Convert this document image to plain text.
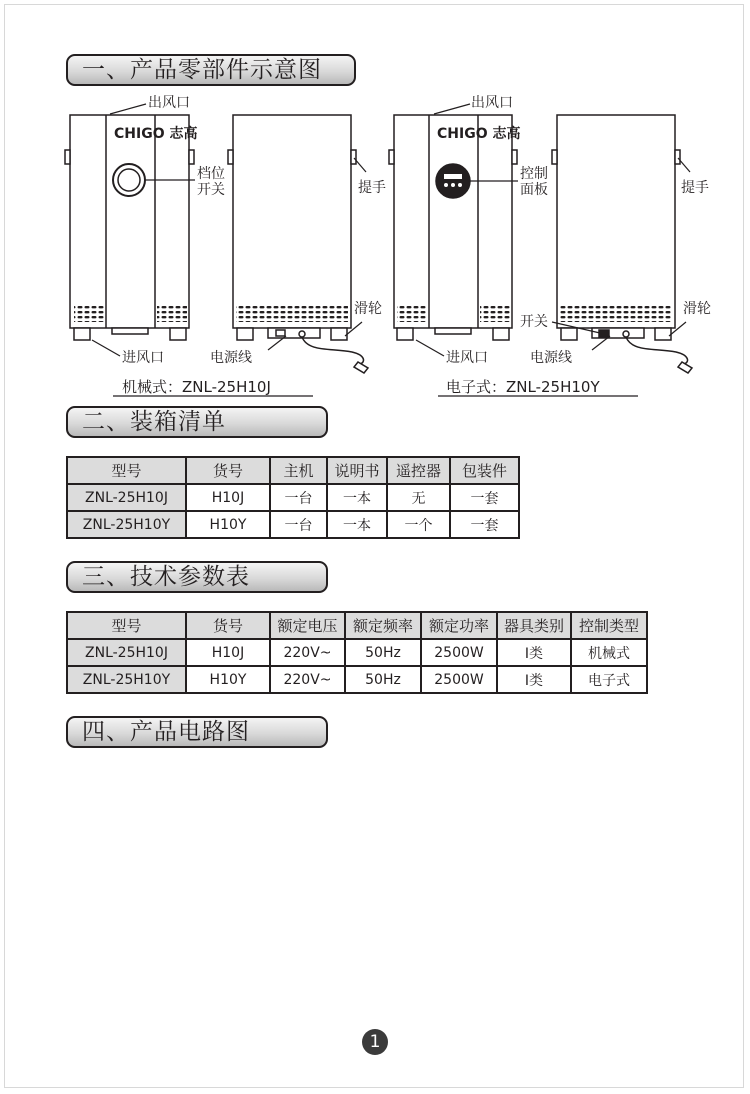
一、产品零部件示意图
二、装箱清单
三、技术参数表
四、产品电路图
CHIGO 志高	CHIGO 志高
出风口
档位
开关	提手
滑轮
进风口	电源线
机械式：ZNL-25H10J
出风口
控制
面板	提手
滑轮
开关
进风口	电源线
电子式：ZNL-25H10Y
型号	货号	主机	说明书	遥控器	包装件
ZNL-25H10J	H10J	一台	一本	无	一套
ZNL-25H10Y	H10Y	一台	一本	一个	一套
型号	货号	额定电压	额定频率	额定功率	器具类别	控制类型
ZNL-25H10J	H10J	220V~	50Hz	2500W	I类	机械式
ZNL-25H10Y	H10Y	220V~	50Hz	2500W	I类	电子式
1
